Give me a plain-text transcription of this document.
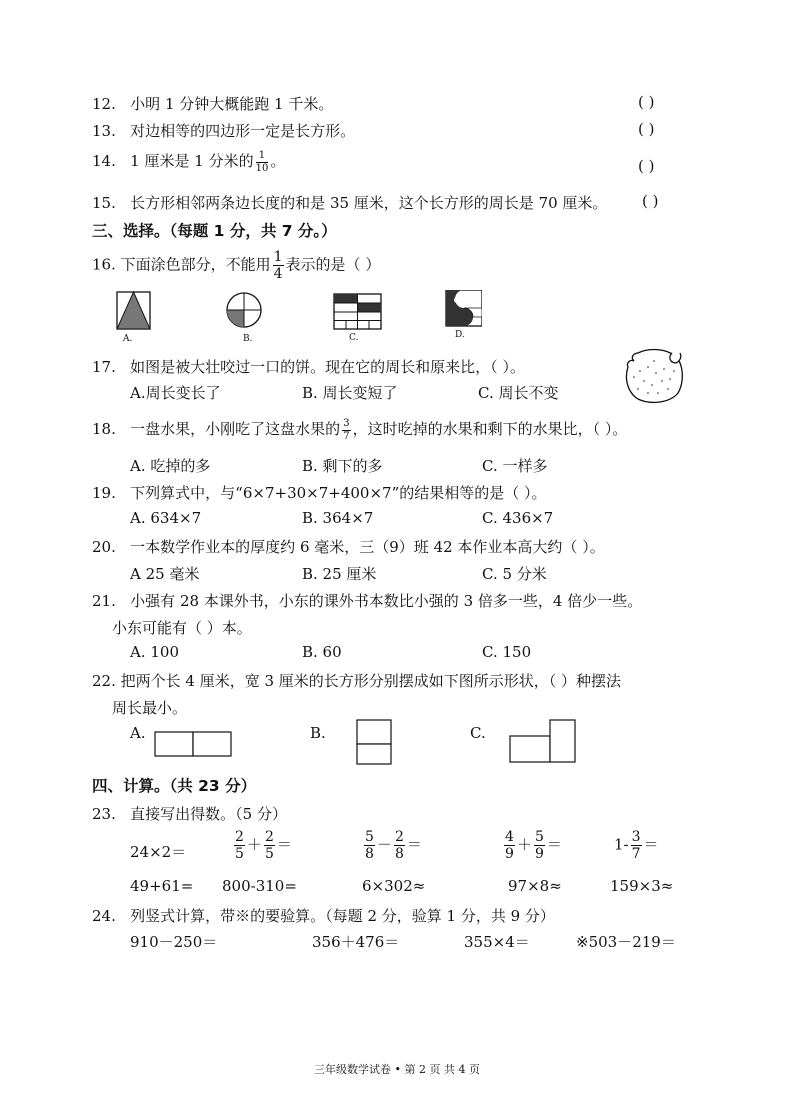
12. 小明 1 分钟大概能跑 1 千米。	( )
13. 对边相等的四边形一定是长方形。	( )
14. 1 厘米是 1 分米的 $\frac{1}{10}$ 。	( )
15. 长方形相邻两条边长度的和是 35 厘米，这个长方形的周长是 70 厘米。 ( )
三、选择。（每题 1 分，共 7 分。）
16. 下面涂色部分，不能用 $\frac{1}{4}$ 表示的是（ ）
A.	B.	C.	D.
17. 如图是被大壮咬过一口的饼。现在它的周长和原来比，（ ）。
A.周长变长了	B. 周长变短了	C. 周长不变
18. 一盘水果，小刚吃了这盘水果的 $\frac{3}{7}$ ，这时吃掉的水果和剩下的水果比，（ ）。
A. 吃掉的多	B. 剩下的多	C. 一样多
19. 下列算式中，与“6×7+30×7+400×7”的结果相等的是（ ）。
A. 634×7	B. 364×7	C. 436×7
20. 一本数学作业本的厚度约 6 毫米，三（9）班 42 本作业本高大约（ ）。
A 25 毫米	B. 25 厘米	C. 5 分米
21. 小强有 28 本课外书，小东的课外书本数比小强的 3 倍多一些，4 倍少一些。
小东可能有（ ）本。
A. 100	B. 60	C. 150
22. 把两个长 4 厘米，宽 3 厘米的长方形分别摆成如下图所示形状，（ ）种摆法
周长最小。
A.	B.	C.
四、计算。（共 23 分）
23. 直接写出得数。（5 分）
24×2＝	$\frac{2}{5} + \frac{2}{5}$ ＝	$\frac{5}{8} - \frac{2}{8}$ ＝	$\frac{4}{9} + \frac{5}{9}$ ＝	$1- \frac{3}{7}$ ＝
49+61= 800-310=	6×302≈	97×8≈	159×3≈
24. 列竖式计算，带※的要验算。（每题 2 分，验算 1 分，共 9 分）
910－250＝	356＋476＝	355×4＝	※503－219＝
三年级数学试卷 • 第 2 页 共 4 页
